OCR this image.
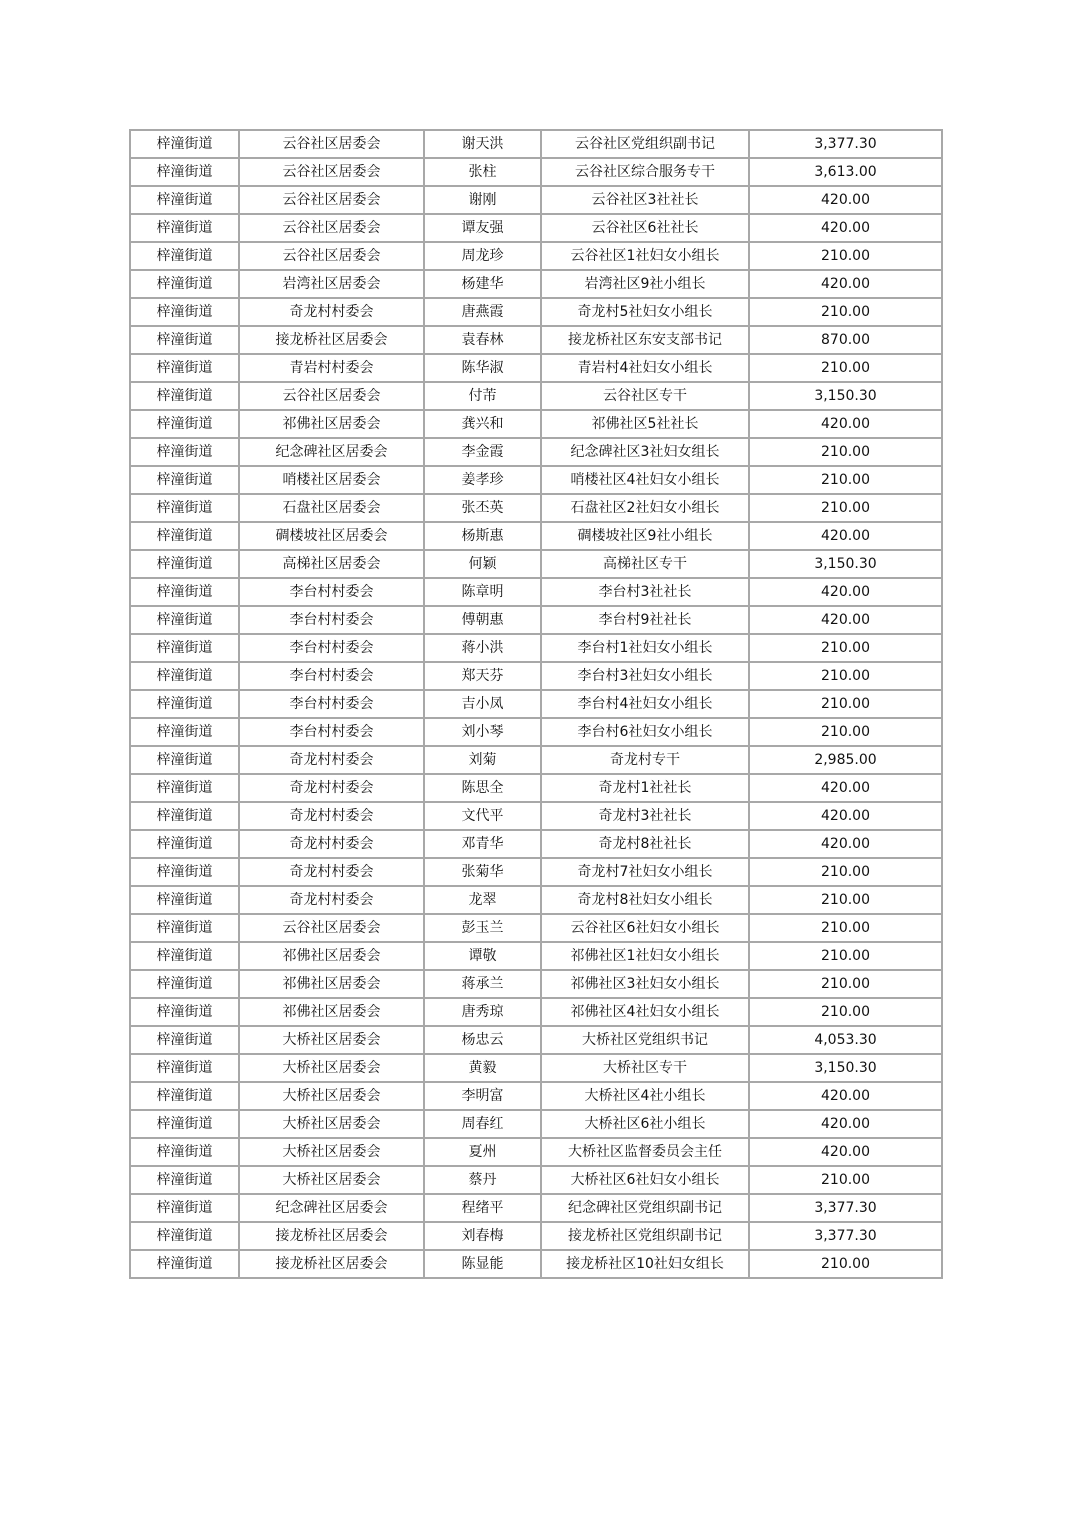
梓潼街道	云谷社区居委会	谢天洪	云谷社区党组织副书记	3,377.30
梓潼街道	云谷社区居委会	张柱	云谷社区综合服务专干	3,613.00
梓潼街道	云谷社区居委会	谢刚	云谷社区3社社长	420.00
梓潼街道	云谷社区居委会	谭友强	云谷社区6社社长	420.00
梓潼街道	云谷社区居委会	周龙珍	云谷社区1社妇女小组长	210.00
梓潼街道	岩湾社区居委会	杨建华	岩湾社区9社小组长	420.00
梓潼街道	奇龙村村委会	唐燕霞	奇龙村5社妇女小组长	210.00
梓潼街道	接龙桥社区居委会	袁春林	接龙桥社区东安支部书记	870.00
梓潼街道	青岩村村委会	陈华淑	青岩村4社妇女小组长	210.00
梓潼街道	云谷社区居委会	付芾	云谷社区专干	3,150.30
梓潼街道	祁佛社区居委会	龚兴和	祁佛社区5社社长	420.00
梓潼街道	纪念碑社区居委会	李金霞	纪念碑社区3社妇女组长	210.00
梓潼街道	哨楼社区居委会	姜孝珍	哨楼社区4社妇女小组长	210.00
梓潼街道	石盘社区居委会	张丕英	石盘社区2社妇女小组长	210.00
梓潼街道	碉楼坡社区居委会	杨斯惠	碉楼坡社区9社小组长	420.00
梓潼街道	高梯社区居委会	何颖	高梯社区专干	3,150.30
梓潼街道	李台村村委会	陈章明	李台村3社社长	420.00
梓潼街道	李台村村委会	傅朝惠	李台村9社社长	420.00
梓潼街道	李台村村委会	蒋小洪	李台村1社妇女小组长	210.00
梓潼街道	李台村村委会	郑天芬	李台村3社妇女小组长	210.00
梓潼街道	李台村村委会	吉小凤	李台村4社妇女小组长	210.00
梓潼街道	李台村村委会	刘小琴	李台村6社妇女小组长	210.00
梓潼街道	奇龙村村委会	刘菊	奇龙村专干	2,985.00
梓潼街道	奇龙村村委会	陈思全	奇龙村1社社长	420.00
梓潼街道	奇龙村村委会	文代平	奇龙村3社社长	420.00
梓潼街道	奇龙村村委会	邓青华	奇龙村8社社长	420.00
梓潼街道	奇龙村村委会	张菊华	奇龙村7社妇女小组长	210.00
梓潼街道	奇龙村村委会	龙翠	奇龙村8社妇女小组长	210.00
梓潼街道	云谷社区居委会	彭玉兰	云谷社区6社妇女小组长	210.00
梓潼街道	祁佛社区居委会	谭敬	祁佛社区1社妇女小组长	210.00
梓潼街道	祁佛社区居委会	蒋承兰	祁佛社区3社妇女小组长	210.00
梓潼街道	祁佛社区居委会	唐秀琼	祁佛社区4社妇女小组长	210.00
梓潼街道	大桥社区居委会	杨忠云	大桥社区党组织书记	4,053.30
梓潼街道	大桥社区居委会	黄毅	大桥社区专干	3,150.30
梓潼街道	大桥社区居委会	李明富	大桥社区4社小组长	420.00
梓潼街道	大桥社区居委会	周春红	大桥社区6社小组长	420.00
梓潼街道	大桥社区居委会	夏州	大桥社区监督委员会主任	420.00
梓潼街道	大桥社区居委会	蔡丹	大桥社区6社妇女小组长	210.00
梓潼街道	纪念碑社区居委会	程绪平	纪念碑社区党组织副书记	3,377.30
梓潼街道	接龙桥社区居委会	刘春梅	接龙桥社区党组织副书记	3,377.30
梓潼街道	接龙桥社区居委会	陈显能	接龙桥社区10社妇女组长	210.00
